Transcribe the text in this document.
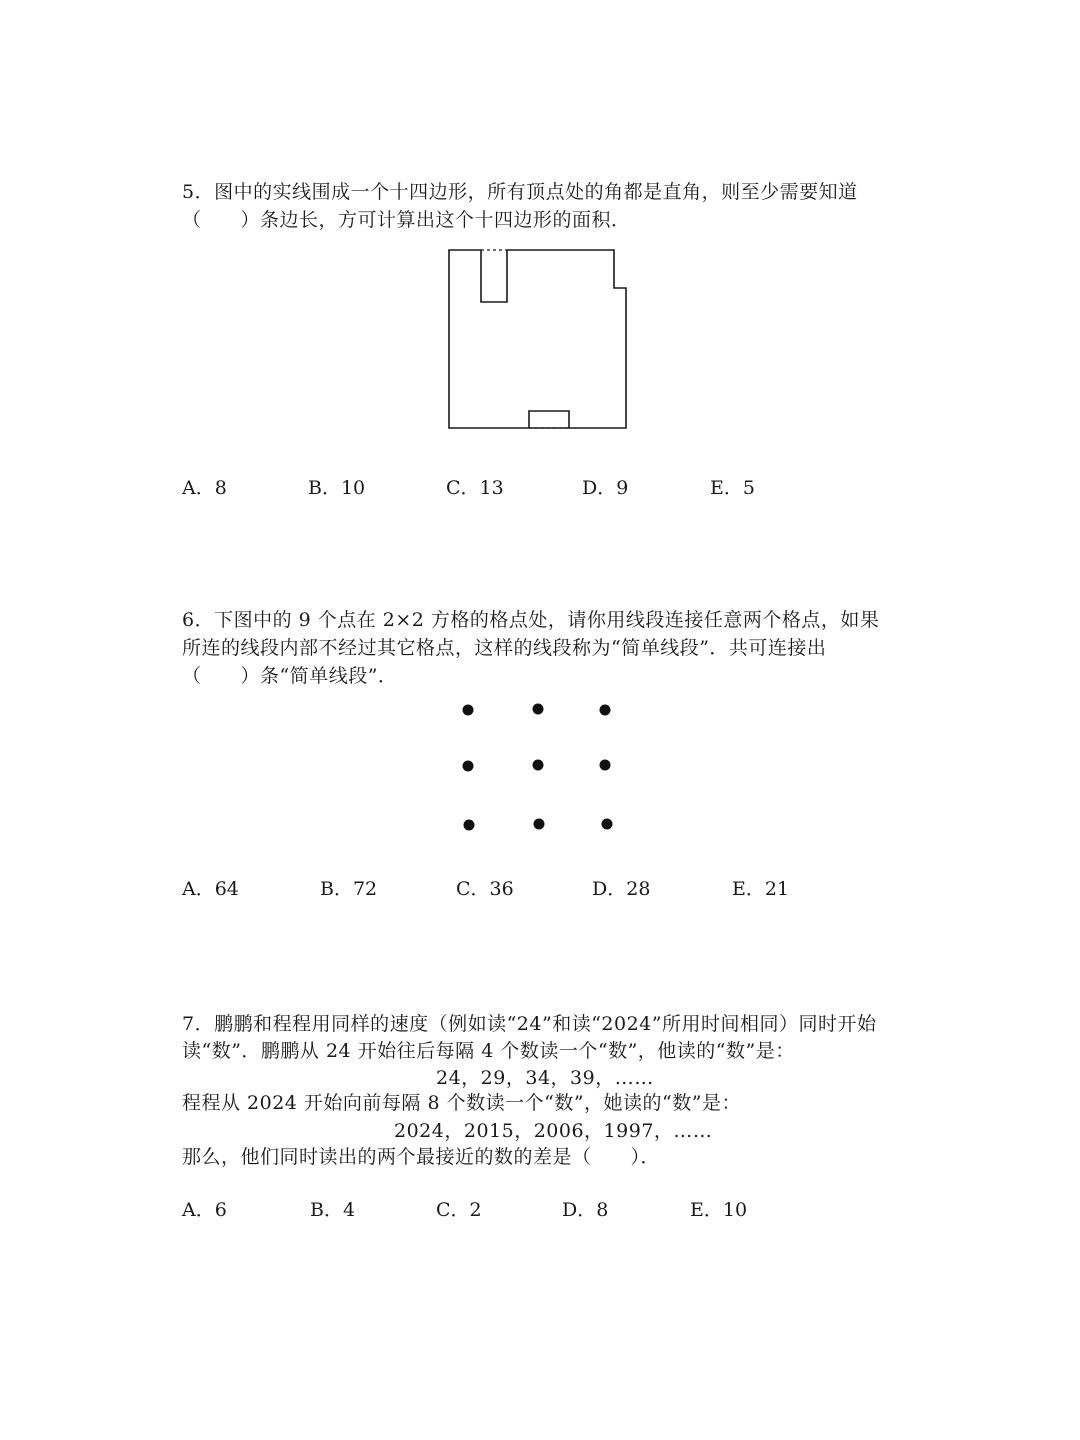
5．图中的实线围成一个十四边形，所有顶点处的角都是直角，则至少需要知道
（　　）条边长，方可计算出这个十四边形的面积．
A．8	B．10	C．13	D．9	E．5
6．下图中的 9 个点在 2×2 方格的格点处，请你用线段连接任意两个格点，如果
所连的线段内部不经过其它格点，这样的线段称为“简单线段”．共可连接出
（　　）条“简单线段”．
A．64	B．72	C．36	D．28	E．21
7．鹏鹏和程程用同样的速度（例如读“24”和读“2024”所用时间相同）同时开始
读“数”．鹏鹏从 24 开始往后每隔 4 个数读一个“数”，他读的“数”是：
24，29，34，39，……
程程从 2024 开始向前每隔 8 个数读一个“数”，她读的“数”是：
2024，2015，2006，1997，……
那么，他们同时读出的两个最接近的数的差是（　　）．
A．6	B．4	C．2	D．8	E．10
